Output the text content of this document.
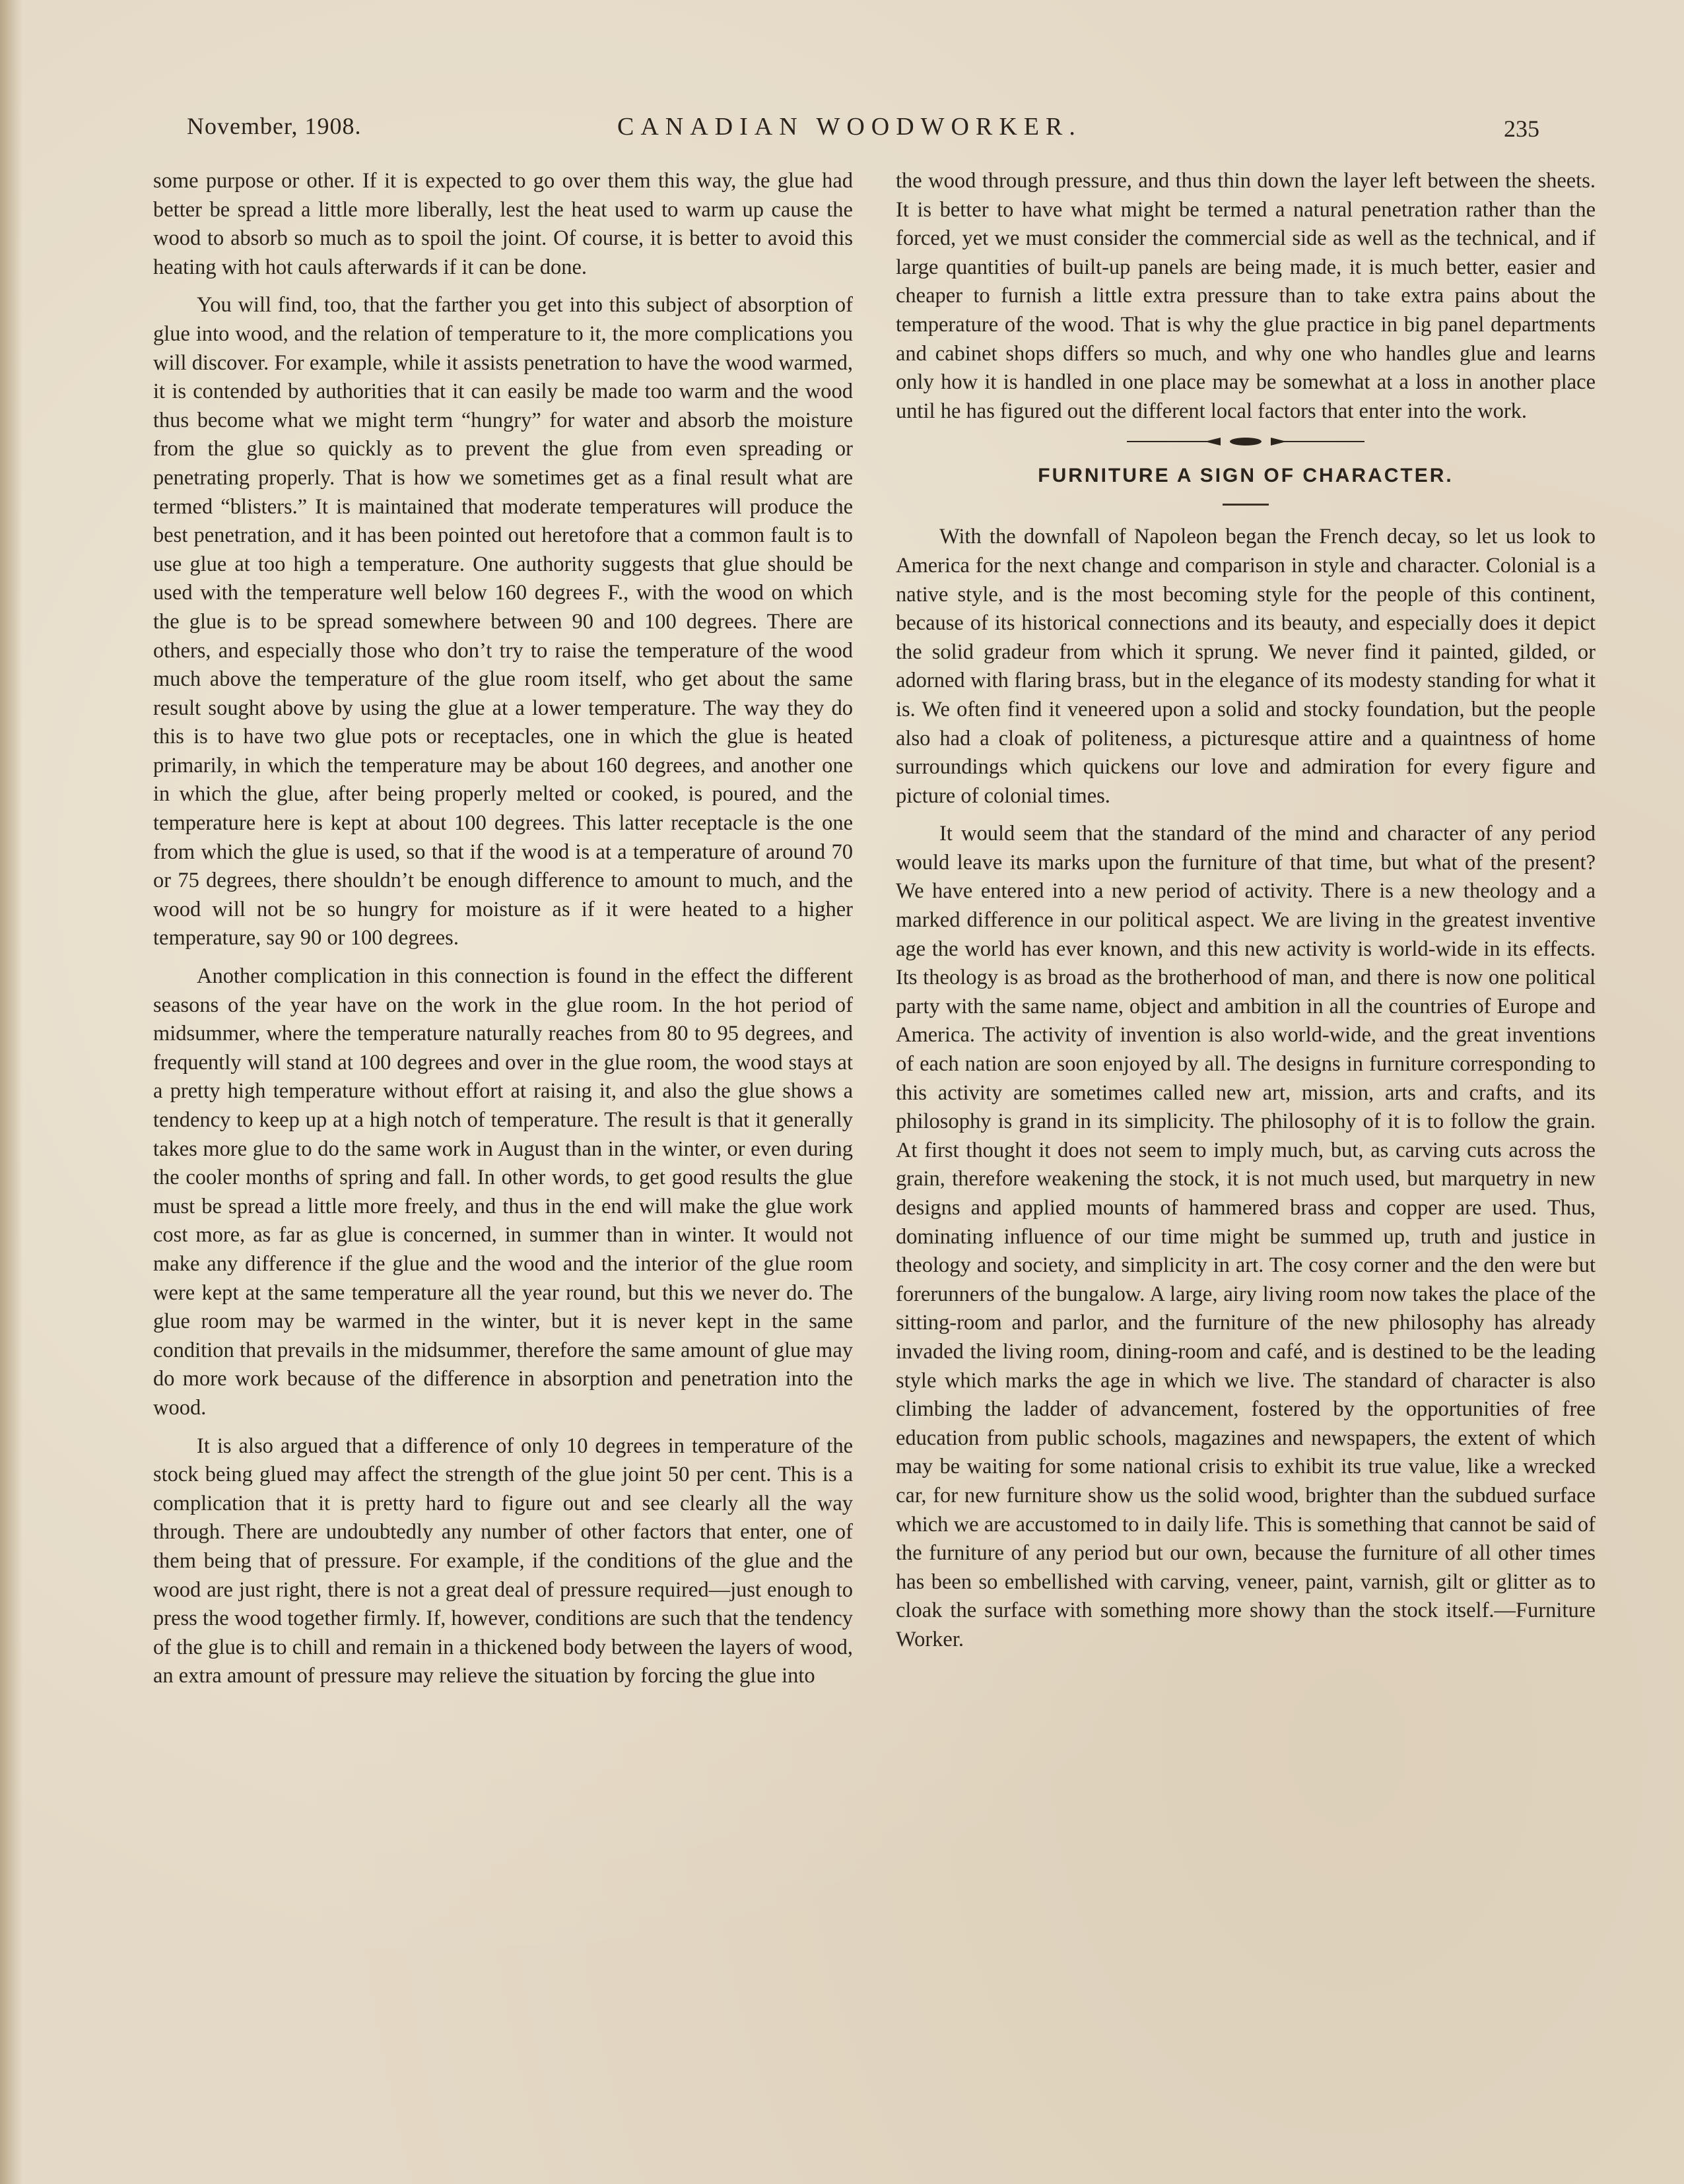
November, 1908.	CANADIAN WOODWORKER.	235

some purpose or other. If it is expected to go over them this way, the glue had better be spread a little more liberally, lest the heat used to warm up cause the wood to absorb so much as to spoil the joint. Of course, it is better to avoid this heating with hot cauls afterwards if it can be done.

You will find, too, that the farther you get into this subject of absorption of glue into wood, and the relation of temperature to it, the more complications you will discover. For example, while it assists penetration to have the wood warmed, it is contended by authorities that it can easily be made too warm and the wood thus become what we might term “hungry” for water and absorb the moisture from the glue so quickly as to prevent the glue from even spreading or penetrating properly. That is how we sometimes get as a final result what are termed “blisters.” It is maintained that moderate temperatures will produce the best penetration, and it has been pointed out heretofore that a common fault is to use glue at too high a temperature. One authority suggests that glue should be used with the temperature well below 160 degrees F., with the wood on which the glue is to be spread somewhere between 90 and 100 degrees. There are others, and especially those who don’t try to raise the temperature of the wood much above the temperature of the glue room itself, who get about the same result sought above by using the glue at a lower temperature. The way they do this is to have two glue pots or receptacles, one in which the glue is heated primarily, in which the temperature may be about 160 degrees, and another one in which the glue, after being properly melted or cooked, is poured, and the temperature here is kept at about 100 degrees. This latter receptacle is the one from which the glue is used, so that if the wood is at a temperature of around 70 or 75 degrees, there shouldn’t be enough difference to amount to much, and the wood will not be so hungry for moisture as if it were heated to a higher temperature, say 90 or 100 degrees.

Another complication in this connection is found in the effect the different seasons of the year have on the work in the glue room. In the hot period of midsummer, where the temperature naturally reaches from 80 to 95 degrees, and frequently will stand at 100 degrees and over in the glue room, the wood stays at a pretty high temperature without effort at raising it, and also the glue shows a tendency to keep up at a high notch of temperature. The result is that it generally takes more glue to do the same work in August than in the winter, or even during the cooler months of spring and fall. In other words, to get good results the glue must be spread a little more freely, and thus in the end will make the glue work cost more, as far as glue is concerned, in summer than in winter. It would not make any difference if the glue and the wood and the interior of the glue room were kept at the same temperature all the year round, but this we never do. The glue room may be warmed in the winter, but it is never kept in the same condition that prevails in the midsummer, therefore the same amount of glue may do more work because of the difference in absorption and penetration into the wood.

It is also argued that a difference of only 10 degrees in temperature of the stock being glued may affect the strength of the glue joint 50 per cent. This is a complication that it is pretty hard to figure out and see clearly all the way through. There are undoubtedly any number of other factors that enter, one of them being that of pressure. For example, if the conditions of the glue and the wood are just right, there is not a great deal of pressure required—just enough to press the wood together firmly. If, however, conditions are such that the tendency of the glue is to chill and remain in a thickened body between the layers of wood, an extra amount of pressure may relieve the situation by forcing the glue into

the wood through pressure, and thus thin down the layer left between the sheets. It is better to have what might be termed a natural penetration rather than the forced, yet we must consider the commercial side as well as the technical, and if large quantities of built-up panels are being made, it is much better, easier and cheaper to furnish a little extra pressure than to take extra pains about the temperature of the wood. That is why the glue practice in big panel departments and cabinet shops differs so much, and why one who handles glue and learns only how it is handled in one place may be somewhat at a loss in another place until he has figured out the different local factors that enter into the work.

FURNITURE A SIGN OF CHARACTER.

With the downfall of Napoleon began the French decay, so let us look to America for the next change and comparison in style and character. Colonial is a native style, and is the most becoming style for the people of this continent, because of its historical connections and its beauty, and especially does it depict the solid gradeur from which it sprung. We never find it painted, gilded, or adorned with flaring brass, but in the elegance of its modesty standing for what it is. We often find it veneered upon a solid and stocky foundation, but the people also had a cloak of politeness, a picturesque attire and a quaintness of home surroundings which quickens our love and admiration for every figure and picture of colonial times.

It would seem that the standard of the mind and character of any period would leave its marks upon the furniture of that time, but what of the present? We have entered into a new period of activity. There is a new theology and a marked difference in our political aspect. We are living in the greatest inventive age the world has ever known, and this new activity is world-wide in its effects. Its theology is as broad as the brotherhood of man, and there is now one political party with the same name, object and ambition in all the countries of Europe and America. The activity of invention is also world-wide, and the great inventions of each nation are soon enjoyed by all. The designs in furniture corresponding to this activity are sometimes called new art, mission, arts and crafts, and its philosophy is grand in its simplicity. The philosophy of it is to follow the grain. At first thought it does not seem to imply much, but, as carving cuts across the grain, therefore weakening the stock, it is not much used, but marquetry in new designs and applied mounts of hammered brass and copper are used. Thus, dominating influence of our time might be summed up, truth and justice in theology and society, and simplicity in art. The cosy corner and the den were but forerunners of the bungalow. A large, airy living room now takes the place of the sitting-room and parlor, and the furniture of the new philosophy has already invaded the living room, dining-room and café, and is destined to be the leading style which marks the age in which we live. The standard of character is also climbing the ladder of advancement, fostered by the opportunities of free education from public schools, magazines and newspapers, the extent of which may be waiting for some national crisis to exhibit its true value, like a wrecked car, for new furniture show us the solid wood, brighter than the subdued surface which we are accustomed to in daily life. This is something that cannot be said of the furniture of any period but our own, because the furniture of all other times has been so embellished with carving, veneer, paint, varnish, gilt or glitter as to cloak the surface with something more showy than the stock itself.—Furniture Worker.
